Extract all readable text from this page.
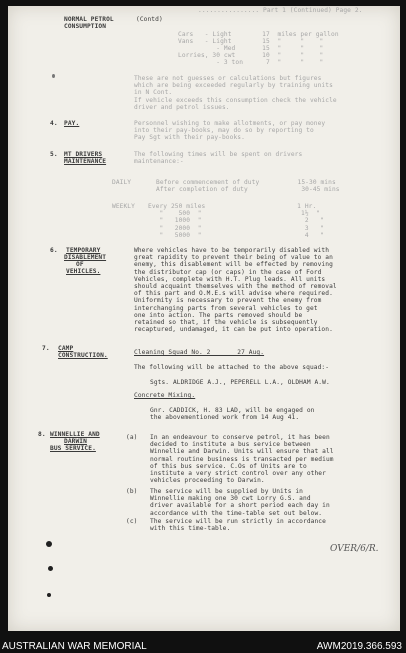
................ Part 1 (Continued) Page 2.
NORMAL PETROL
CONSUMPTION
(Contd)
Cars   - Light        17  miles per gallon
Vans   - Light        15  "     "    "
- Med       15  "     "    "
Lorries, 30 cwt       10  "     "    "
- 3 ton      7  "     "    "
These are not guesses or calculations but figures
which are being exceeded regularly by training units
in N Cont.
If vehicle exceeds this consumption check the vehicle
driver and petrol issues.
4. PAY.	Personnel wishing to make allotments, or pay money
into their pay-books, may do so by reporting to
Pay Sgt with their pay-books.
5. MT DRIVERS
MAINTENANCE
The following times will be spent on drivers
maintenance:-
DAILY	Before commencement of duty          15-30 mins
After completion of duty              30-45 mins
WEEKLY Every 250 miles                        1 Hr.
"    500  "                          1½  "
"   1000  "                           2   "
"   2000  "                           3   "
"   5000  "                           4   "
6. TEMPORARY
DISABLEMENT
OF
VEHICLES.
Where vehicles have to be temporarily disabled with
great rapidity to prevent their being of value to an
enemy, this disablement will be effected by removing
the distributor cap (or caps) in the case of Ford
Vehicles, complete with H.T. Plug leads. All units
should acquaint themselves with the method of removal
of this part and O.M.E.s will advise where required.
Uniformity is necessary to prevent the enemy from
interchanging parts from several vehicles to get
one into action. The parts removed should be
retained so that, if the vehicle is subsequently
recaptured, undamaged, it can be put into operation.
7. CAMP
CONSTRUCTION.	Cleaning Squad No. 2       27 Aug.
The following will be attached to the above squad:-
Sgts. ALDRIDGE A.J., PEPERELL L.A., OLDHAM A.W.
Concrete Mixing.
Gnr. CADDICK, H. 83 LAD, will be engaged on
the abovementioned work from 14 Aug 41.
8. WINNELLIE AND
DARWIN
BUS SERVICE.
(a) In an endeavour to conserve petrol, it has been
decided to institute a bus service between
Winnellie and Darwin. Units will ensure that all
normal routine business is transacted per medium
of this bus service. C.Os of Units are to
institute a very strict control over any other
vehicles proceeding to Darwin.
(b) The service will be supplied by Units in
Winnellie making one 30 cwt Lorry G.S. and
driver available for a short period each day in
accordance with the time-table set out below.
(c) The service will be run strictly in accordance
with this time-table.
OVER/6/R.
AUSTRALIAN WAR MEMORIAL	AWM2019.366.593
